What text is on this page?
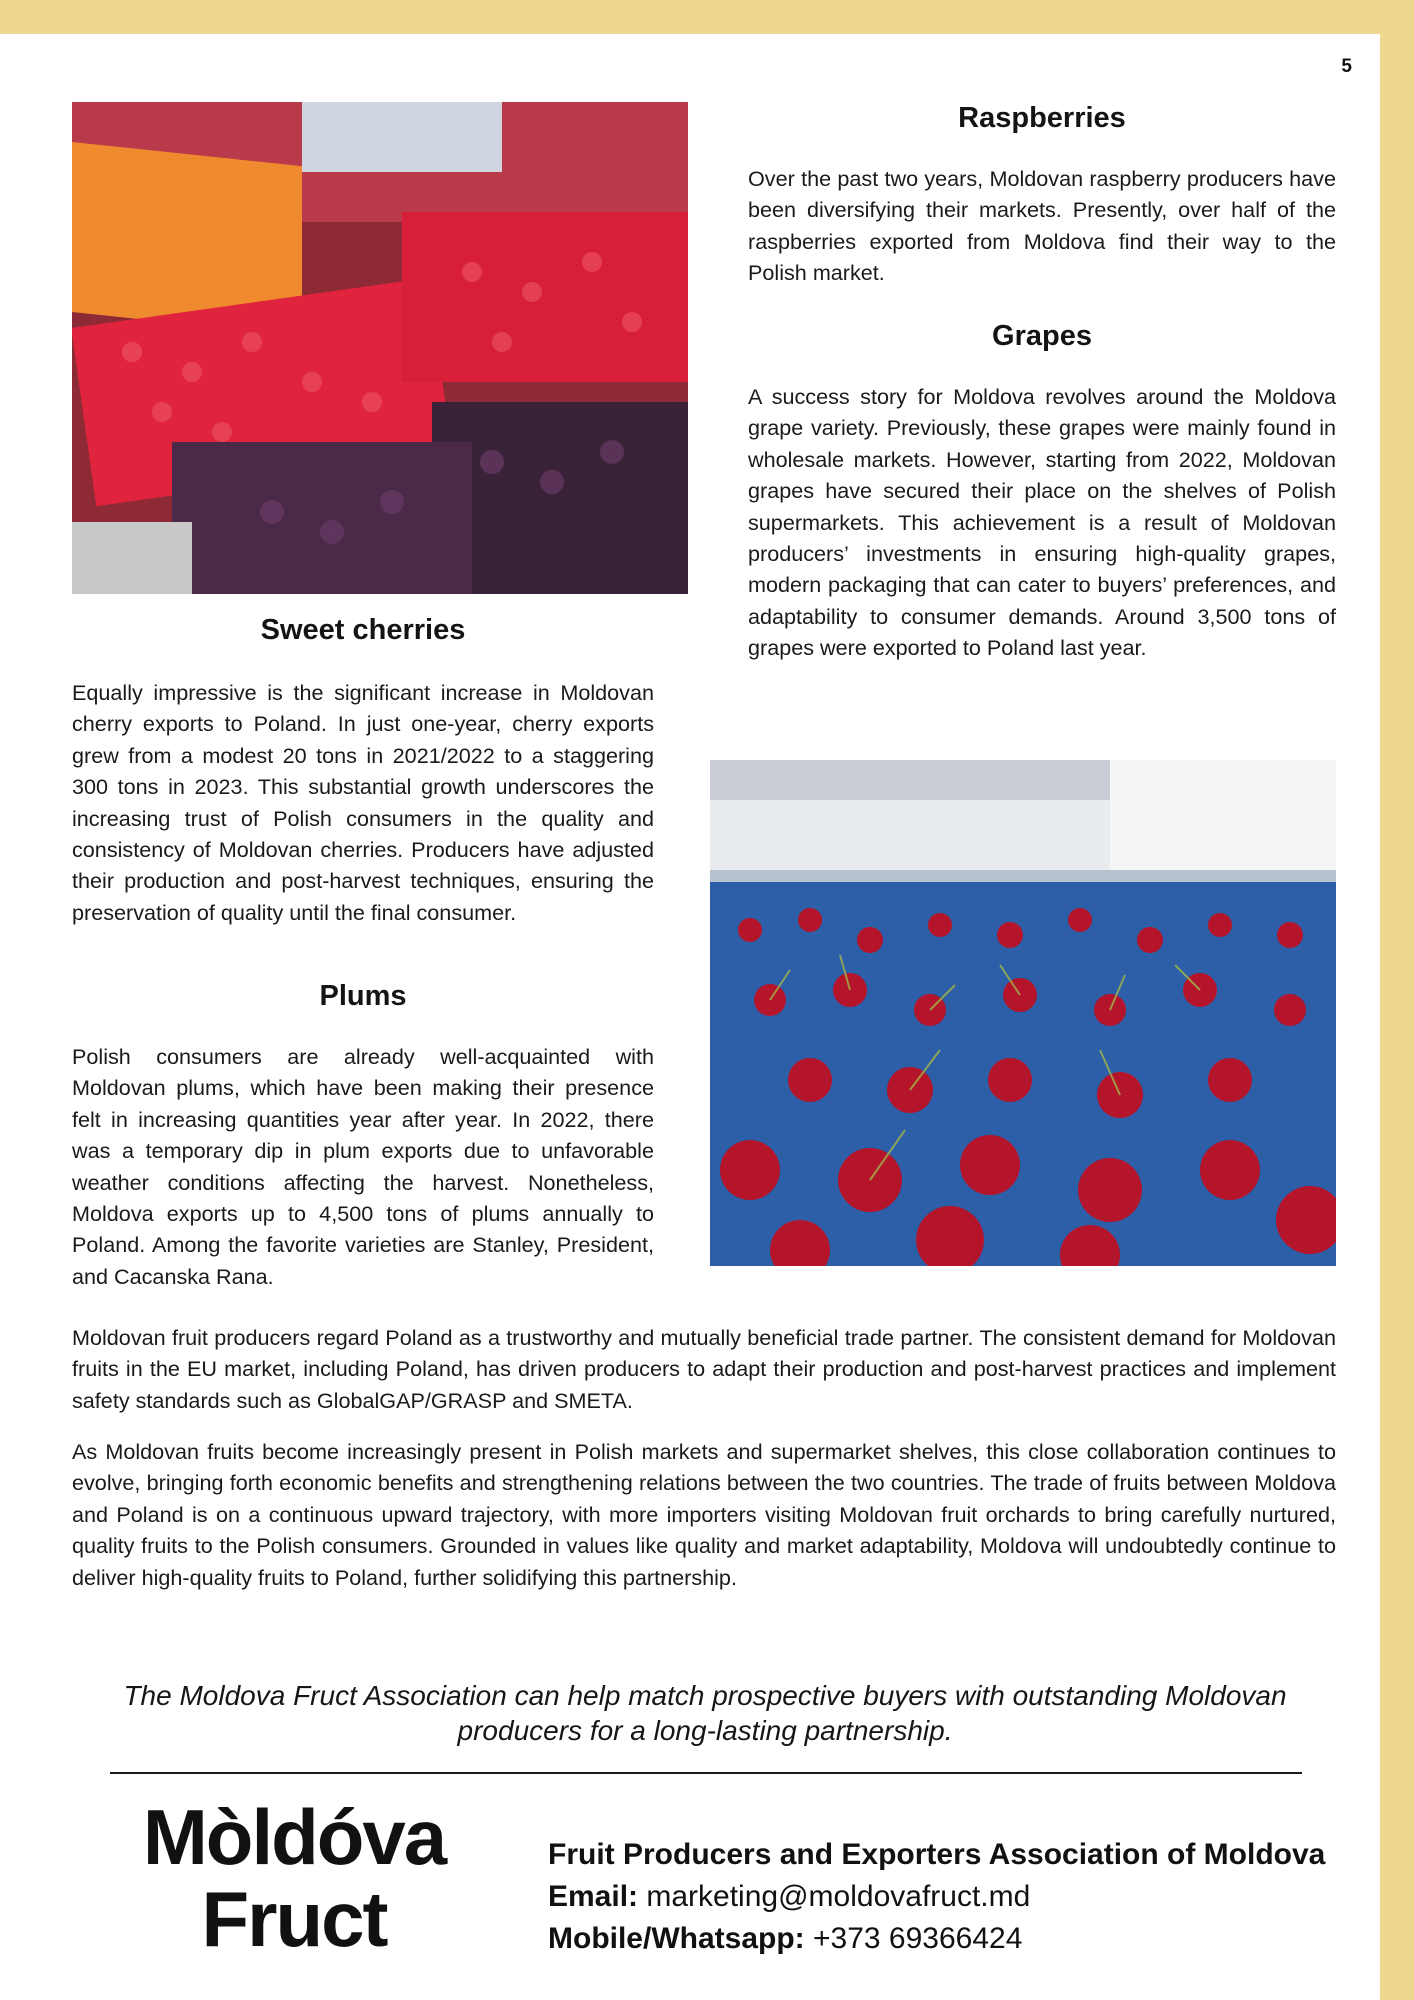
5
Raspberries

Over the past two years, Moldovan raspberry producers have been diversifying their markets. Presently, over half of the raspberries exported from Moldova find their way to the Polish market.

Grapes

A success story for Moldova revolves around the Moldova grape variety. Previously, these grapes were mainly found in wholesale markets. However, starting from 2022, Moldovan grapes have secured their place on the shelves of Polish supermarkets. This achievement is a result of Moldovan producers’ investments in ensuring high-quality grapes, modern packaging that can cater to buyers’ preferences, and adaptability to consumer demands. Around 3,500 tons of grapes were exported to Poland last year.

Sweet cherries

Equally impressive is the significant increase in Moldovan cherry exports to Poland. In just one-year, cherry exports grew from a modest 20 tons in 2021/2022 to a staggering 300 tons in 2023. This substantial growth underscores the increasing trust of Polish consumers in the quality and consistency of Moldovan cherries. Producers have adjusted their production and post-harvest techniques, ensuring the preservation of quality until the final consumer.

Plums

Polish consumers are already well-acquainted with Moldovan plums, which have been making their presence felt in increasing quantities year after year. In 2022, there was a temporary dip in plum exports due to unfavorable weather conditions affecting the harvest. Nonetheless, Moldova exports up to 4,500 tons of plums annually to Poland. Among the favorite varieties are Stanley, President, and Cacanska Rana.

Moldovan fruit producers regard Poland as a trustworthy and mutually beneficial trade partner. The consistent demand for Moldovan fruits in the EU market, including Poland, has driven producers to adapt their production and post-harvest practices and implement safety standards such as GlobalGAP/GRASP and SMETA.

As Moldovan fruits become increasingly present in Polish markets and supermarket shelves, this close collaboration continues to evolve, bringing forth economic benefits and strengthening relations between the two countries. The trade of fruits between Moldova and Poland is on a continuous upward trajectory, with more importers visiting Moldovan fruit orchards to bring carefully nurtured, quality fruits to the Polish consumers. Grounded in values like quality and market adaptability, Moldova will undoubtedly continue to deliver high-quality fruits to Poland, further solidifying this partnership.

The Moldova Fruct Association can help match prospective buyers with outstanding Moldovan producers for a long-lasting partnership.
Mòldóva
Fruct
Fruit Producers and Exporters Association of Moldova
Email: marketing@moldovafruct.md
Mobile/Whatsapp: +373 69366424
